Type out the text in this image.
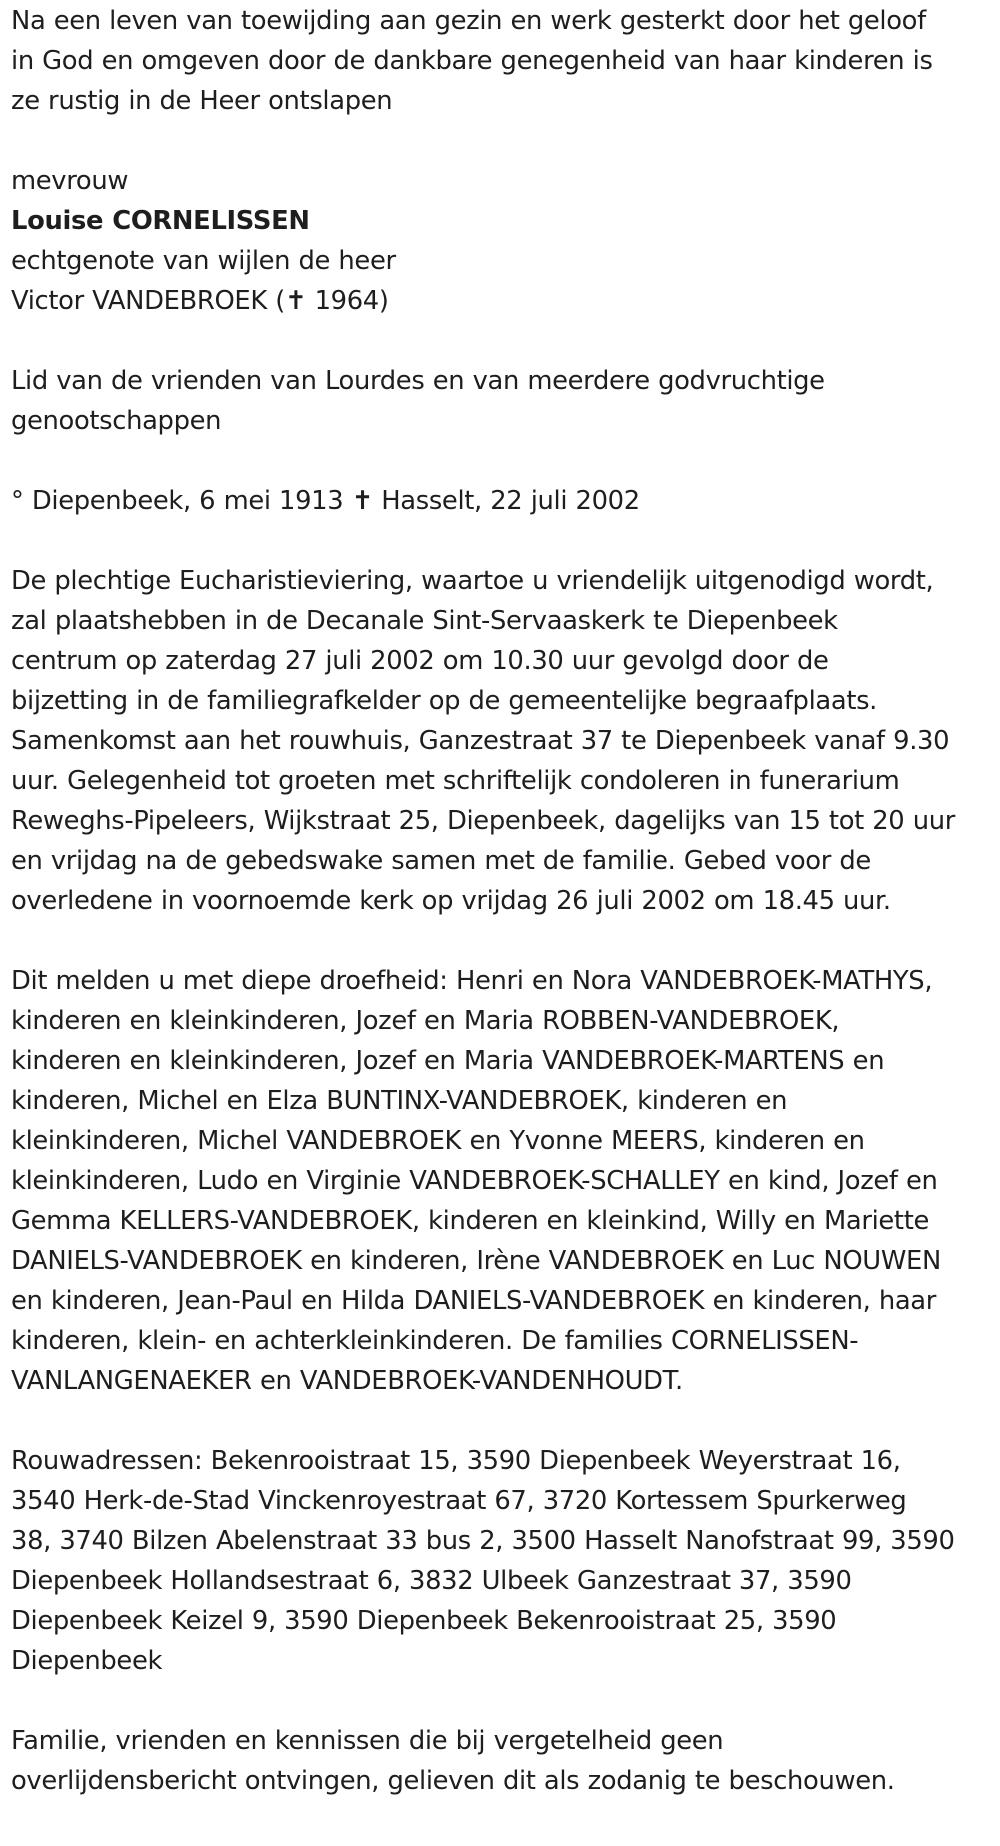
Na een leven van toewijding aan gezin en werk gesterkt door het geloof
in God en omgeven door de dankbare genegenheid van haar kinderen is
ze rustig in de Heer ontslapen

mevrouw
Louise CORNELISSEN
echtgenote van wijlen de heer
Victor VANDEBROEK (✝ 1964)

Lid van de vrienden van Lourdes en van meerdere godvruchtige
genootschappen

° Diepenbeek, 6 mei 1913 ✝ Hasselt, 22 juli 2002

De plechtige Eucharistieviering, waartoe u vriendelijk uitgenodigd wordt,
zal plaatshebben in de Decanale Sint-Servaaskerk te Diepenbeek
centrum op zaterdag 27 juli 2002 om 10.30 uur gevolgd door de
bijzetting in de familiegrafkelder op de gemeentelijke begraafplaats.
Samenkomst aan het rouwhuis, Ganzestraat 37 te Diepenbeek vanaf 9.30
uur. Gelegenheid tot groeten met schriftelijk condoleren in funerarium
Reweghs-Pipeleers, Wijkstraat 25, Diepenbeek, dagelijks van 15 tot 20 uur
en vrijdag na de gebedswake samen met de familie. Gebed voor de
overledene in voornoemde kerk op vrijdag 26 juli 2002 om 18.45 uur.

Dit melden u met diepe droefheid: Henri en Nora VANDEBROEK-MATHYS,
kinderen en kleinkinderen, Jozef en Maria ROBBEN-VANDEBROEK,
kinderen en kleinkinderen, Jozef en Maria VANDEBROEK-MARTENS en
kinderen, Michel en Elza BUNTINX-VANDEBROEK, kinderen en
kleinkinderen, Michel VANDEBROEK en Yvonne MEERS, kinderen en
kleinkinderen, Ludo en Virginie VANDEBROEK-SCHALLEY en kind, Jozef en
Gemma KELLERS-VANDEBROEK, kinderen en kleinkind, Willy en Mariette
DANIELS-VANDEBROEK en kinderen, Irène VANDEBROEK en Luc NOUWEN
en kinderen, Jean-Paul en Hilda DANIELS-VANDEBROEK en kinderen, haar
kinderen, klein- en achterkleinkinderen. De families CORNELISSEN-
VANLANGENAEKER en VANDEBROEK-VANDENHOUDT.

Rouwadressen: Bekenrooistraat 15, 3590 Diepenbeek Weyerstraat 16,
3540 Herk-de-Stad Vinckenroyestraat 67, 3720 Kortessem Spurkerweg
38, 3740 Bilzen Abelenstraat 33 bus 2, 3500 Hasselt Nanofstraat 99, 3590
Diepenbeek Hollandsestraat 6, 3832 Ulbeek Ganzestraat 37, 3590
Diepenbeek Keizel 9, 3590 Diepenbeek Bekenrooistraat 25, 3590
Diepenbeek

Familie, vrienden en kennissen die bij vergetelheid geen
overlijdensbericht ontvingen, gelieven dit als zodanig te beschouwen.
